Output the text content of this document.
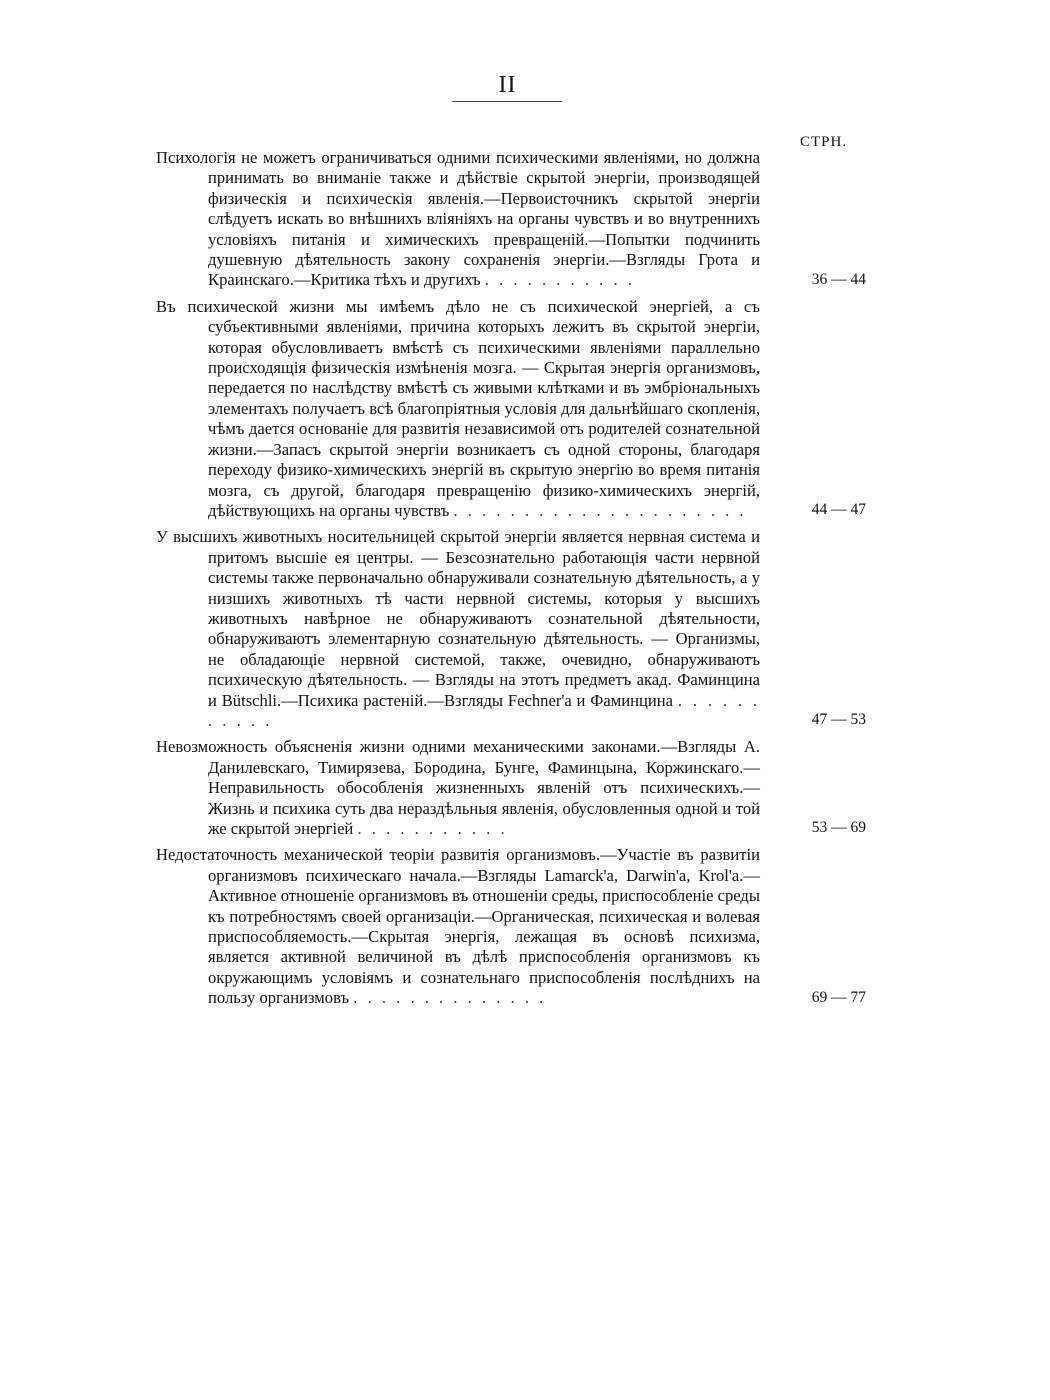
II
СТРН.
Психологія не можетъ ограничиваться одними психическими явленіями, но должна принимать во вниманіе также и дѣйствіе скрытой энергіи, производящей физическія и психическія явленія.—Первоисточникъ скрытой энергіи слѣдуетъ искать во внѣшнихъ вліяніяхъ на органы чувствъ и во внутреннихъ условіяхъ питанія и химическихъ превращеній.—Попытки подчинить душевную дѣятельность закону сохраненія энергіи.—Взгляды Грота и Краинскаго.—Критика тѣхъ и другихъ . . . . . . . . . . .	36 — 44
Въ психической жизни мы имѣемъ дѣло не съ психической энергіей, а съ субъективными явленіями, причина которыхъ лежитъ въ скрытой энергіи, которая обусловливаетъ вмѣстѣ съ психическими явленіями параллельно происходящія физическія измѣненія мозга. — Скрытая энергія организмовъ, передается по наслѣдству вмѣстѣ съ живыми клѣтками и въ эмбріональныхъ элементахъ получаетъ всѣ благопріятныя условія для дальнѣйшаго скопленія, чѣмъ дается основаніе для развитія независимой отъ родителей сознательной жизни.—Запасъ скрытой энергіи возникаетъ съ одной стороны, благодаря переходу физико-химическихъ энергій въ скрытую энергію во время питанія мозга, съ другой, благодаря превращенію физико-химическихъ энергій, дѣйствующихъ на органы чувствъ . . . . . . . . . . . . . . . . . . . . .	44 — 47
У высшихъ животныхъ носительницей скрытой энергіи является нервная система и притомъ высшіе ея центры. — Безсознательно работающія части нервной системы также первоначально обнаруживали сознательную дѣятельность, а у низшихъ животныхъ тѣ части нервной системы, которыя у высшихъ животныхъ навѣрное не обнаруживаютъ сознательной дѣятельности, обнаруживаютъ элементарную сознательную дѣятельность. — Организмы, не обладающіе нервной системой, также, очевидно, обнаруживаютъ психическую дѣятельность. — Взгляды на этотъ предметъ акад. Фаминцина и Bütschli.—Психика растеній.—Взгляды Fechner'а и Фаминцина . . . . . . . . . . .	47 — 53
Невозможность объясненія жизни одними механическими законами.—Взгляды А. Данилевскаго, Тимирязева, Бородина, Бунге, Фаминцына, Коржинскаго.—Неправильность обособленія жизненныхъ явленій отъ психическихъ.—Жизнь и психика суть два нераздѣльныя явленія, обусловленныя одной и той же скрытой энергіей . . . . . . . . . . .	53 — 69
Недостаточность механической теоріи развитія организмовъ.—Участіе въ развитіи организмовъ психическаго начала.—Взгляды Lamarck'а, Darwin'а, Krol'а.—Активное отношеніе организмовъ въ отношеніи среды, приспособленіе среды къ потребностямъ своей организаціи.—Органическая, психическая и волевая приспособляемость.—Скрытая энергія, лежащая въ основѣ психизма, является активной величиной въ дѣлѣ приспособленія организмовъ къ окружающимъ условіямъ и сознательнаго приспособленія послѣднихъ на пользу организмовъ . . . . . . . . . . . . . .	69 — 77
